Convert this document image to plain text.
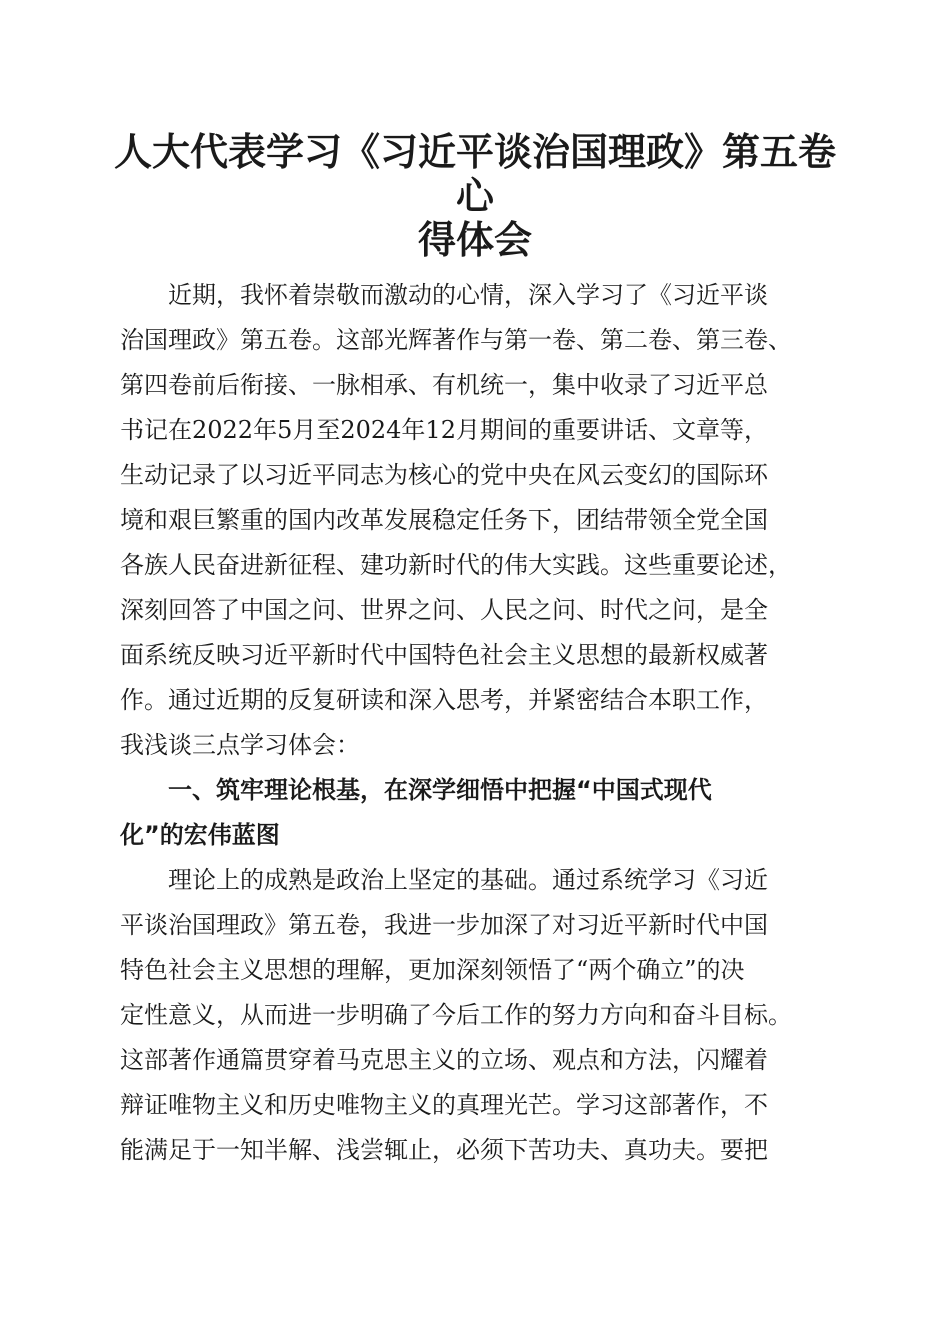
人大代表学习《习近平谈治国理政》第五卷心
得体会
近期，我怀着崇敬而激动的心情，深入学习了《习近平谈
治国理政》第五卷。这部光辉著作与第一卷、第二卷、第三卷、
第四卷前后衔接、一脉相承、有机统一，集中收录了习近平总
书记在2022年5月至2024年12月期间的重要讲话、文章等，
生动记录了以习近平同志为核心的党中央在风云变幻的国际环
境和艰巨繁重的国内改革发展稳定任务下，团结带领全党全国
各族人民奋进新征程、建功新时代的伟大实践。这些重要论述，
深刻回答了中国之问、世界之问、人民之问、时代之问，是全
面系统反映习近平新时代中国特色社会主义思想的最新权威著
作。通过近期的反复研读和深入思考，并紧密结合本职工作，
我浅谈三点学习体会：
一、筑牢理论根基，在深学细悟中把握“中国式现代
化”的宏伟蓝图
理论上的成熟是政治上坚定的基础。通过系统学习《习近
平谈治国理政》第五卷，我进一步加深了对习近平新时代中国
特色社会主义思想的理解，更加深刻领悟了“两个确立”的决
定性意义，从而进一步明确了今后工作的努力方向和奋斗目标。
这部著作通篇贯穿着马克思主义的立场、观点和方法，闪耀着
辩证唯物主义和历史唯物主义的真理光芒。学习这部著作，不
能满足于一知半解、浅尝辄止，必须下苦功夫、真功夫。要把
